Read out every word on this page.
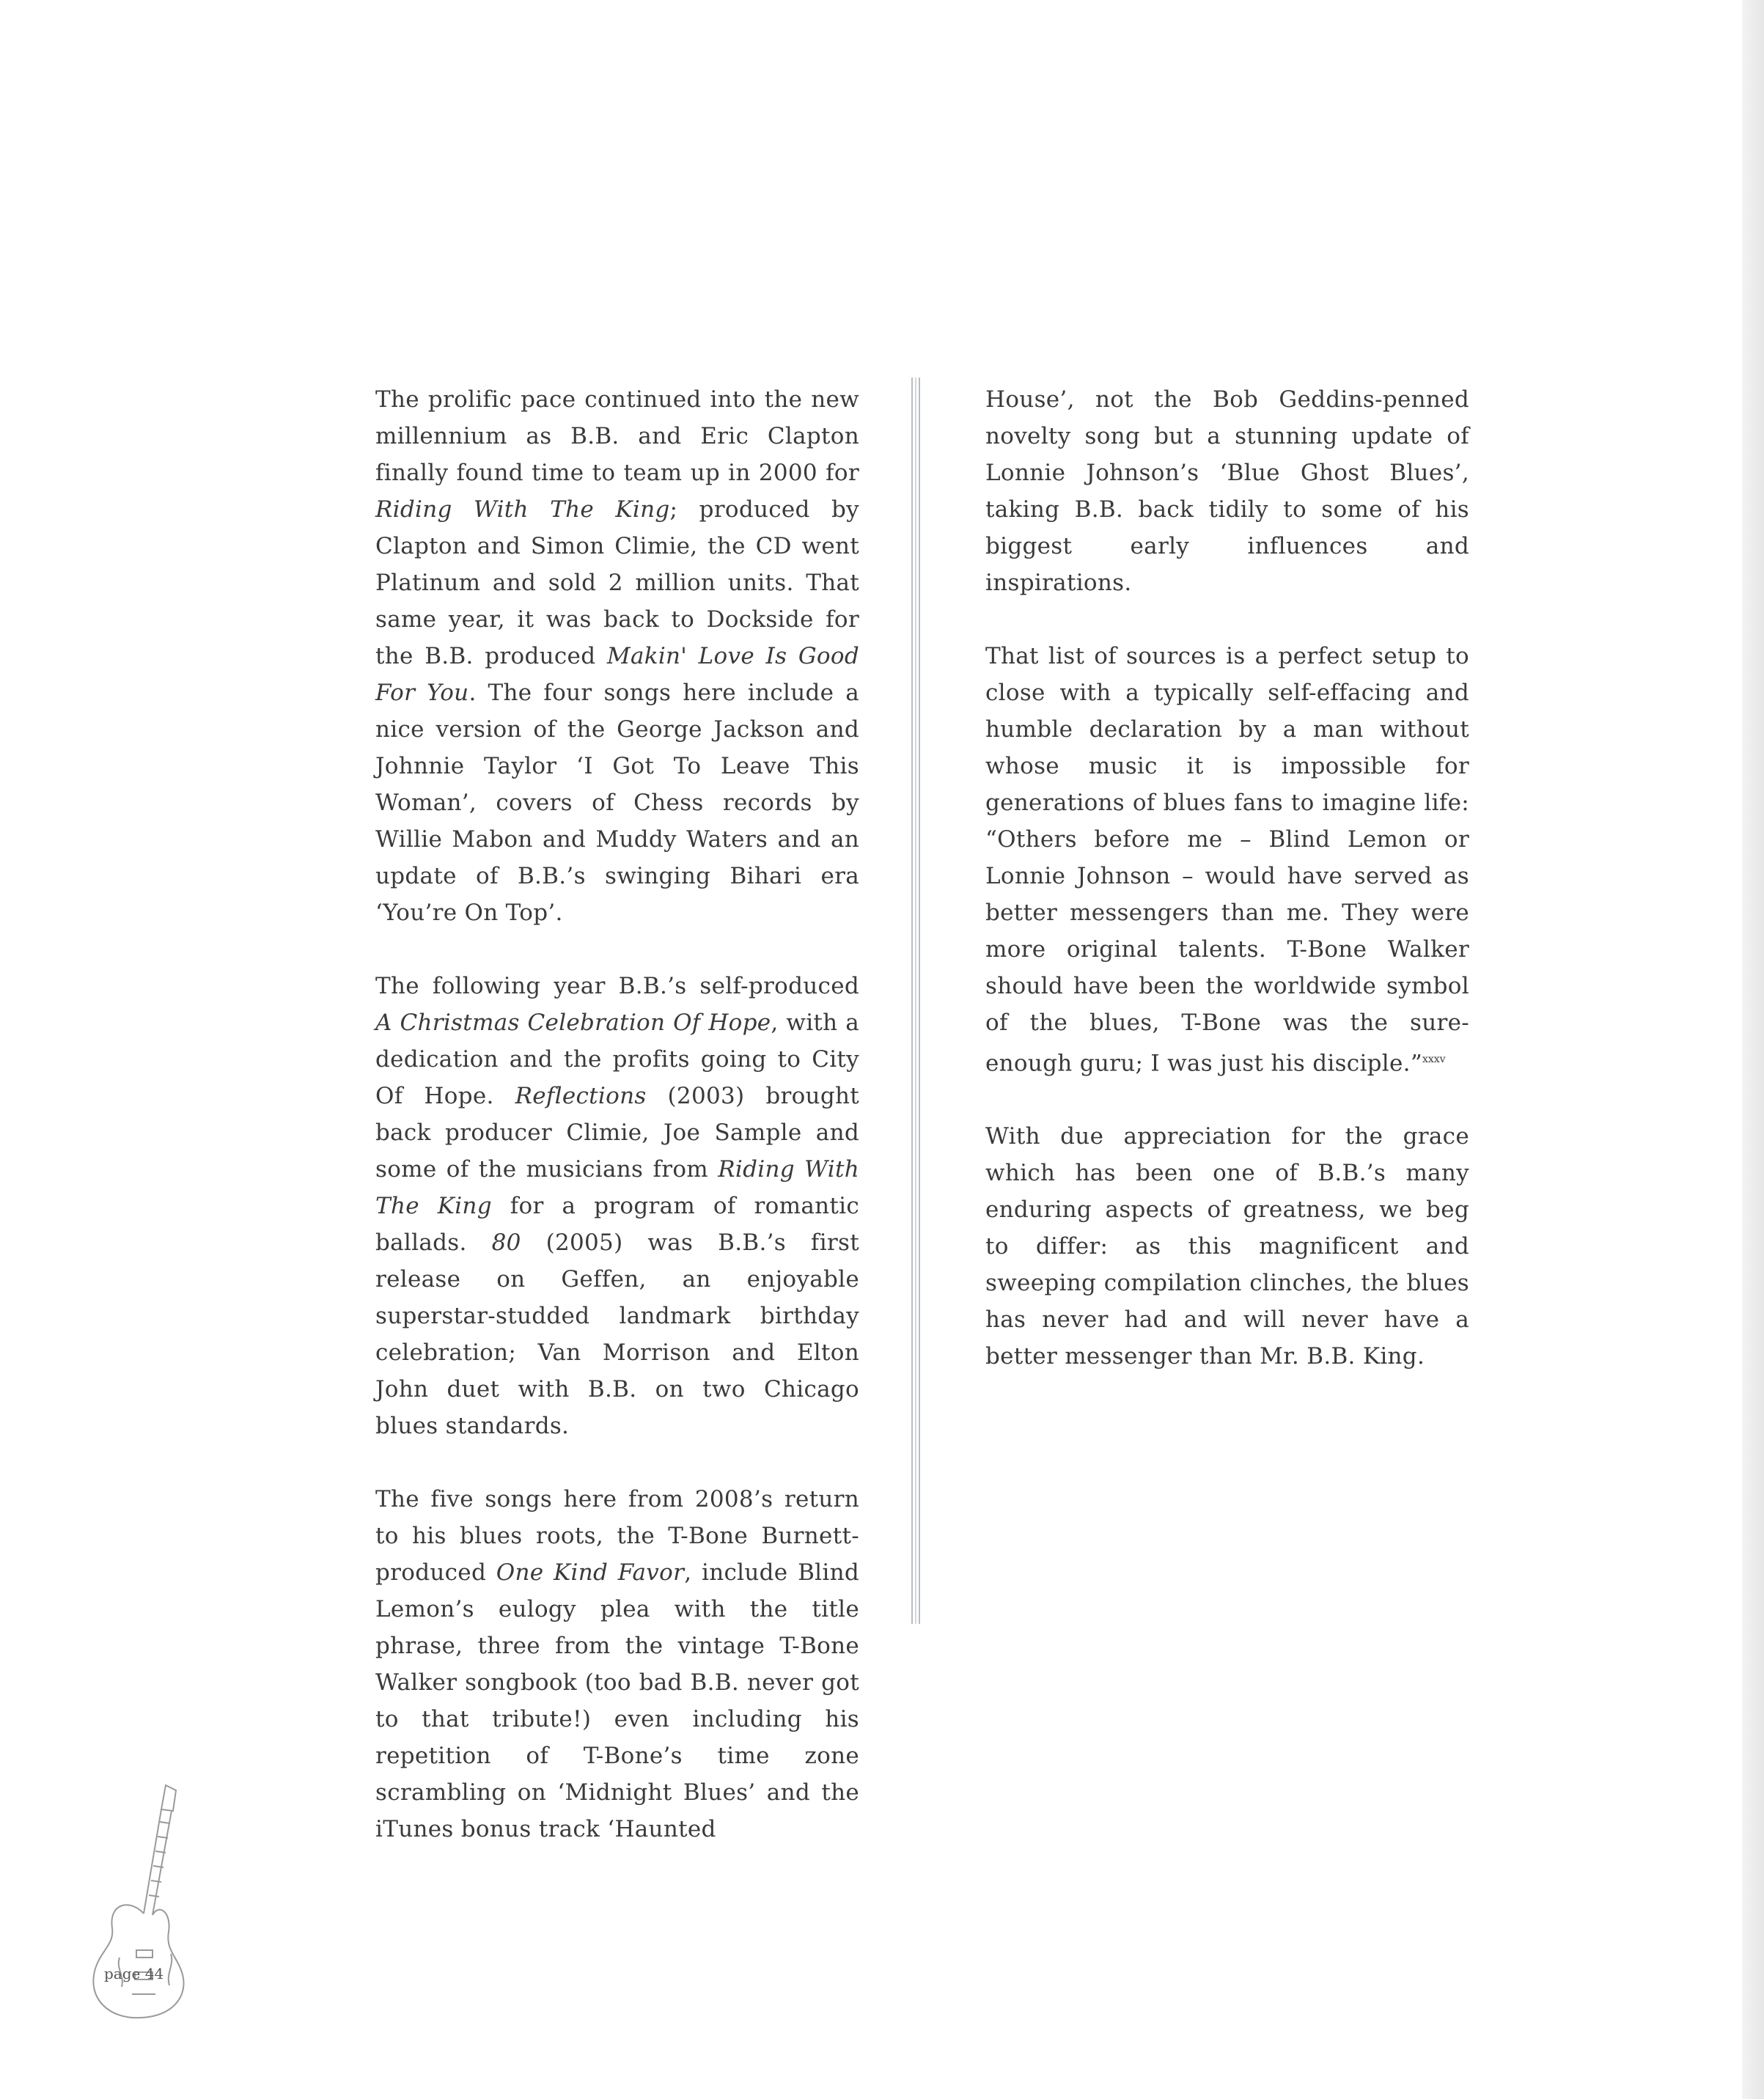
The prolific pace continued into the new millennium as B.B. and Eric Clapton finally found time to team up in 2000 for Riding With The King; produced by Clapton and Simon Climie, the CD went Platinum and sold 2 million units. That same year, it was back to Dockside for the B.B. produced Makin' Love Is Good For You. The four songs here include a nice version of the George Jackson and Johnnie Taylor ‘I Got To Leave This Woman’, covers of Chess records by Willie Mabon and Muddy Waters and an update of B.B.’s swinging Bihari era ‘You’re On Top’.

The following year B.B.’s self-produced A Christmas Celebration Of Hope, with a dedication and the profits going to City Of Hope. Reflections (2003) brought back producer Climie, Joe Sample and some of the musicians from Riding With The King for a program of romantic ballads. 80 (2005) was B.B.’s first release on Geffen, an enjoyable superstar-studded landmark birthday celebration; Van Morrison and Elton John duet with B.B. on two Chicago blues standards.

The five songs here from 2008’s return to his blues roots, the T-Bone Burnett-produced One Kind Favor, include Blind Lemon’s eulogy plea with the title phrase, three from the vintage T-Bone Walker songbook (too bad B.B. never got to that tribute!) even including his repetition of T-Bone’s time zone scrambling on ‘Midnight Blues’ and the iTunes bonus track ‘Haunted

House’, not the Bob Geddins-penned novelty song but a stunning update of Lonnie Johnson’s ‘Blue Ghost Blues’, taking B.B. back tidily to some of his biggest early influences and inspirations.

That list of sources is a perfect setup to close with a typically self-effacing and humble declaration by a man without whose music it is impossible for generations of blues fans to imagine life: “Others before me – Blind Lemon or Lonnie Johnson – would have served as better messengers than me. They were more original talents. T-Bone Walker should have been the worldwide symbol of the blues, T-Bone was the sure-enough guru; I was just his disciple.”$^{xxxv}$

With due appreciation for the grace which has been one of B.B.’s many enduring aspects of greatness, we beg to differ: as this magnificent and sweeping compilation clinches, the blues has never had and will never have a better messenger than Mr. B.B. King.

page 44
